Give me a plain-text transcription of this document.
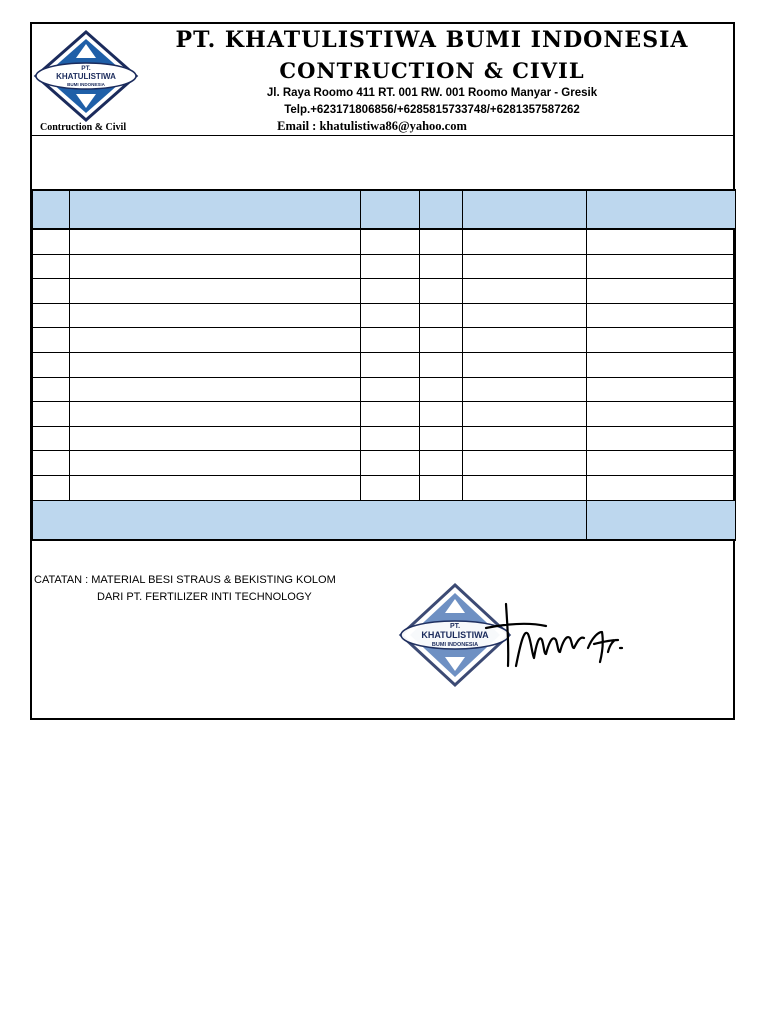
PT.
KHATULISTIWA
BUMI INDONESIA
Contruction & Civil
PT. KHATULISTIWA BUMI INDONESIA
CONTRUCTION & CIVIL
Jl. Raya Roomo 411 RT. 001 RW. 001 Roomo Manyar - Gresik
Telp.+623171806856/+6285815733748/+6281357587262
Email : khatulistiwa86@yahoo.com

CATATAN : MATERIAL BESI STRAUS & BEKISTING KOLOM
DARI PT. FERTILIZER INTI TECHNOLOGY
PT.
KHATULISTIWA
BUMI INDONESIA
